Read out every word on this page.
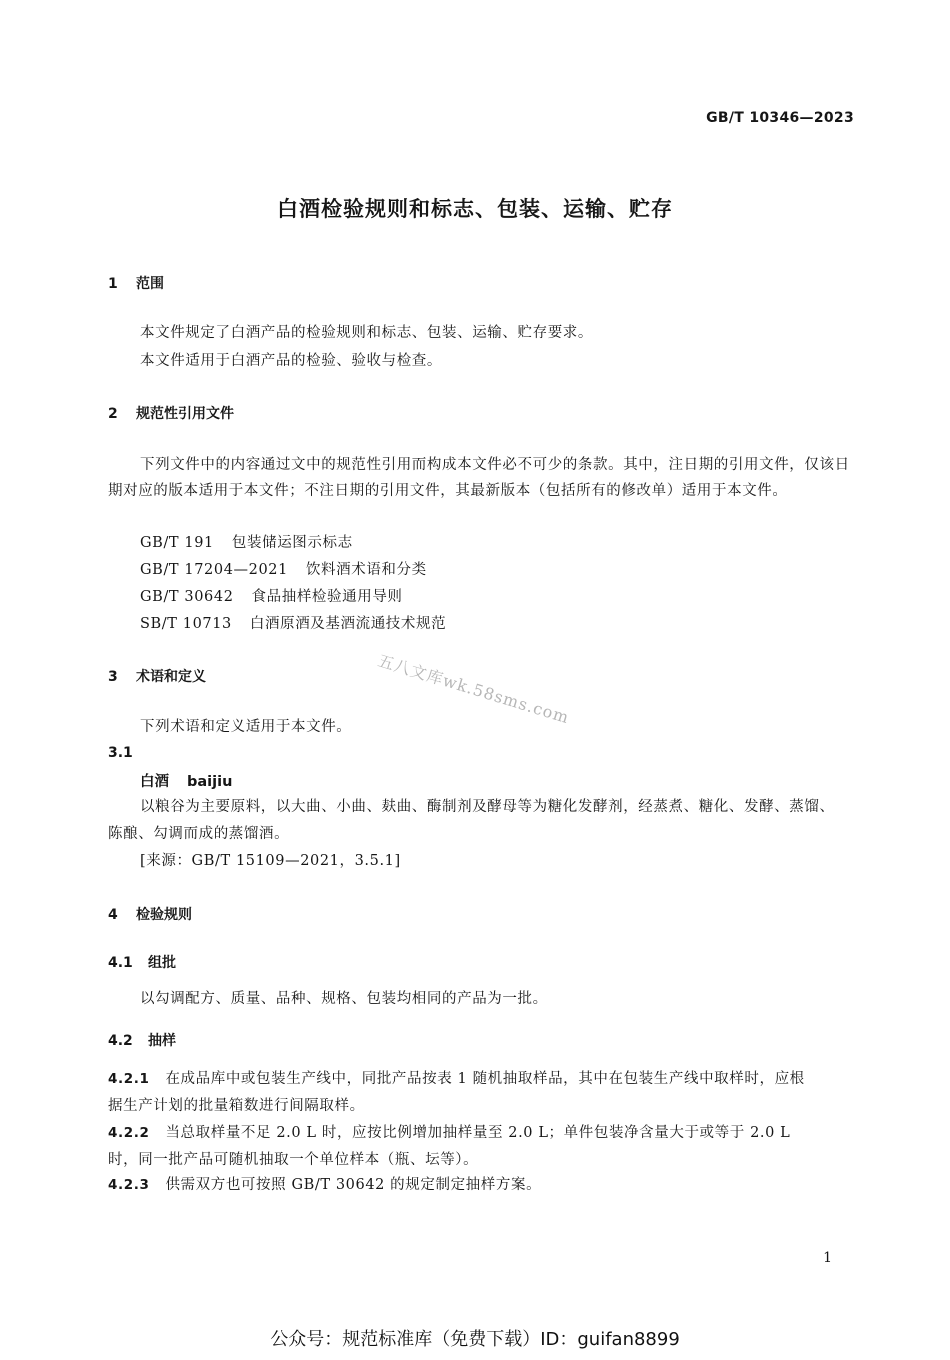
GB/T 10346—2023
白酒检验规则和标志、包装、运输、贮存
1 范围

本文件规定了白酒产品的检验规则和标志、包装、运输、贮存要求。

本文件适用于白酒产品的检验、验收与检查。

2 规范性引用文件

下列文件中的内容通过文中的规范性引用而构成本文件必不可少的条款。其中，注日期的引用文件，仅该日期对应的版本适用于本文件；不注日期的引用文件，其最新版本（包括所有的修改单）适用于本文件。

GB/T 191 包装储运图示标志
GB/T 17204—2021 饮料酒术语和分类
GB/T 30642 食品抽样检验通用导则
SB/T 10713 白酒原酒及基酒流通技术规范
五八文库wk.58sms.com
3 术语和定义

下列术语和定义适用于本文件。

3.1
白酒 baijiu

以粮谷为主要原料，以大曲、小曲、麸曲、酶制剂及酵母等为糖化发酵剂，经蒸煮、糖化、发酵、蒸馏、

陈酿、勾调而成的蒸馏酒。

[来源：GB/T 15109—2021，3.5.1]

4 检验规则
4.1 组批

以勾调配方、质量、品种、规格、包装均相同的产品为一批。

4.2 抽样

4.2.1 在成品库中或包装生产线中，同批产品按表 1 随机抽取样品，其中在包装生产线中取样时，应根

据生产计划的批量箱数进行间隔取样。

4.2.2 当总取样量不足 2.0 L 时，应按比例增加抽样量至 2.0 L；单件包装净含量大于或等于 2.0 L

时，同一批产品可随机抽取一个单位样本（瓶、坛等）。

4.2.3 供需双方也可按照 GB/T 30642 的规定制定抽样方案。

1
公众号：规范标准库（免费下载）ID：guifan8899
